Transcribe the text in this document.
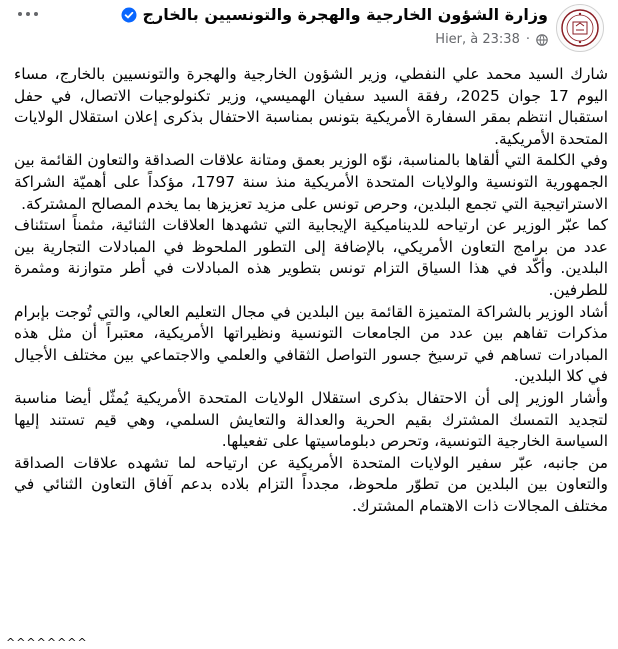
وزارة الشؤون الخارجية والهجرة والتونسيين بالخارج
Hier, à 23:38 ·

شارك السيد محمد علي النفطي، وزير الشؤون الخارجية والهجرة والتونسيين بالخارج، مساء اليوم 17 جوان 2025، رفقة السيد سفيان الهميسي، وزير تكنولوجيات الاتصال، في حفل استقبال انتظم بمقر السفارة الأمريكية بتونس بمناسبة الاحتفال بذكرى إعلان استقلال الولايات المتحدة الأمريكية.

وفي الكلمة التي ألقاها بالمناسبة، نوّه الوزير بعمق ومتانة علاقات الصداقة والتعاون القائمة بين الجمهورية التونسية والولايات المتحدة الأمريكية منذ سنة 1797، مؤكداً على أهميّة الشراكة الاستراتيجية التي تجمع البلدين، وحرص تونس على مزيد تعزيزها بما يخدم المصالح المشتركة.

كما عبّر الوزير عن ارتياحه للديناميكية الإيجابية التي تشهدها العلاقات الثنائية، مثمناً استئناف عدد من برامج التعاون الأمريكي، بالإضافة إلى التطور الملحوظ في المبادلات التجارية بين البلدين. وأكّد في هذا السياق التزام تونس بتطوير هذه المبادلات في أطر متوازنة ومثمرة للطرفين.

أشاد الوزير بالشراكة المتميزة القائمة بين البلدين في مجال التعليم العالي، والتي تُوجت بإبرام مذكرات تفاهم بين عدد من الجامعات التونسية ونظيراتها الأمريكية، معتبراً أن مثل هذه المبادرات تساهم في ترسيخ جسور التواصل الثقافي والعلمي والاجتماعي بين مختلف الأجيال في كلا البلدين.

وأشار الوزير إلى أن الاحتفال بذكرى استقلال الولايات المتحدة الأمريكية يُمثّل أيضا مناسبة لتجديد التمسك المشترك بقيم الحرية والعدالة والتعايش السلمي، وهي قيم تستند إليها السياسة الخارجية التونسية، وتحرص دبلوماسيتها على تفعيلها.

من جانبه، عبّر سفير الولايات المتحدة الأمريكية عن ارتياحه لما تشهده علاقات الصداقة والتعاون بين البلدين من تطوّر ملحوظ، مجدداً التزام بلاده بدعم آفاق التعاون الثنائي في مختلف المجالات ذات الاهتمام المشترك.

^^^^^^^^
